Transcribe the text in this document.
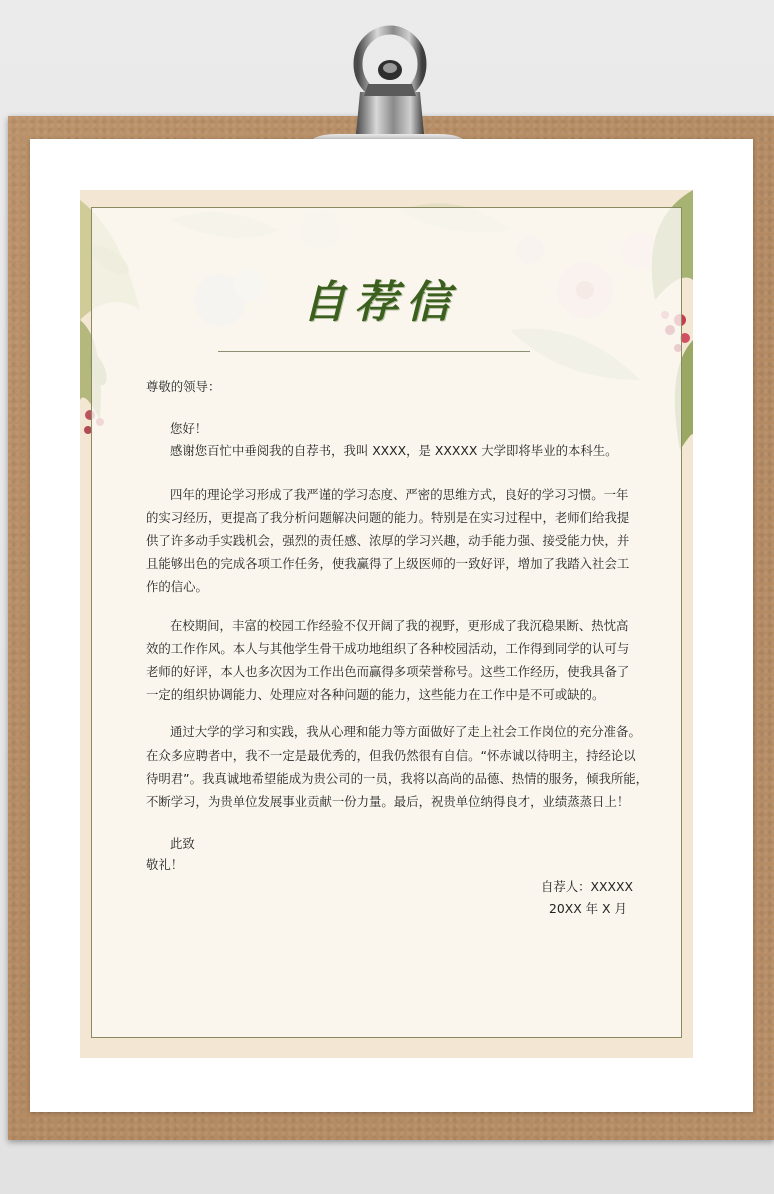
自荐信
尊敬的领导：
您好！
感谢您百忙中垂阅我的自荐书，我叫 XXXX，是 XXXXX 大学即将毕业的本科生。
四年的理论学习形成了我严谨的学习态度、严密的思维方式，良好的学习习惯。一年
的实习经历，更提高了我分析问题解决问题的能力。特别是在实习过程中，老师们给我提
供了许多动手实践机会，强烈的责任感、浓厚的学习兴趣，动手能力强、接受能力快，并
且能够出色的完成各项工作任务，使我赢得了上级医师的一致好评，增加了我踏入社会工
作的信心。
在校期间，丰富的校园工作经验不仅开阔了我的视野，更形成了我沉稳果断、热忱高
效的工作作风。本人与其他学生骨干成功地组织了各种校园活动，工作得到同学的认可与
老师的好评，本人也多次因为工作出色而赢得多项荣誉称号。这些工作经历，使我具备了
一定的组织协调能力、处理应对各种问题的能力，这些能力在工作中是不可或缺的。
通过大学的学习和实践，我从心理和能力等方面做好了走上社会工作岗位的充分准备。
在众多应聘者中，我不一定是最优秀的，但我仍然很有自信。“怀赤诚以待明主，持经论以
待明君”。我真诚地希望能成为贵公司的一员，我将以高尚的品德、热情的服务，倾我所能，
不断学习，为贵单位发展事业贡献一份力量。最后，祝贵单位纳得良才，业绩蒸蒸日上！
此致
敬礼！
自荐人：XXXXX
20XX 年 X 月
